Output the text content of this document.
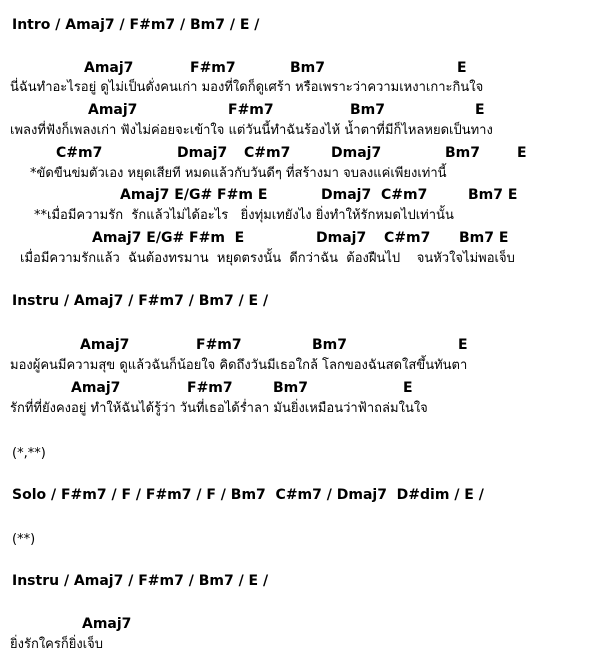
Intro / Amaj7 / F#m7 / Bm7 / E /
Amaj7	F#m7	Bm7	E
นี่ฉันทำอะไรอยู่ ดูไม่เป็นดั่งคนเก่า มองที่ใดก็ดูเศร้า หรือเพราะว่าความเหงาเกาะกินใจ
Amaj7	F#m7	Bm7	E
เพลงที่ฟังก็เพลงเก่า ฟังไม่ค่อยจะเข้าใจ แต่วันนี้ทำฉันร้องไห้ น้ำตาที่มีก็ไหลหยดเป็นทาง
C#m7	Dmaj7 C#m7	Dmaj7	Bm7	E
*ขัดขืนข่มตัวเอง หยุดเสียที หมดแล้วกับวันดีๆ ที่สร้างมา จบลงแค่เพียงเท่านี้
Amaj7 E/G# F#m E	Dmaj7 C#m7	Bm7 E
**เมื่อมีความรัก  รักแล้วไม่ได้อะไร   ยิ่งทุ่มเทยังไง ยิ่งทำให้รักหมดไปเท่านั้น
Amaj7 E/G# F#m  E	Dmaj7 C#m7 Bm7 E
เมื่อมีความรักแล้ว  ฉันต้องทรมาน  หยุดตรงนั้น  ดีกว่าฉัน  ต้องฝืนไป    จนหัวใจไม่พอเจ็บ
Instru / Amaj7 / F#m7 / Bm7 / E /
Amaj7	F#m7	Bm7	E
มองผู้คนมีความสุข ดูแล้วฉันก็น้อยใจ คิดถึงวันมีเธอใกล้ โลกของฉันสดใสขึ้นทันตา
Amaj7	F#m7	Bm7	E
รักที่ที่ยังคงอยู่ ทำให้ฉันได้รู้ว่า วันที่เธอได้ร่ำลา มันยิ่งเหมือนว่าฟ้าถล่มในใจ
(*,**)
Solo / F#m7 / F / F#m7 / F / Bm7  C#m7 / Dmaj7  D#dim / E /
(**)
Instru / Amaj7 / F#m7 / Bm7 / E /
Amaj7
ยิ่งรักใครก็ยิ่งเจ็บ
